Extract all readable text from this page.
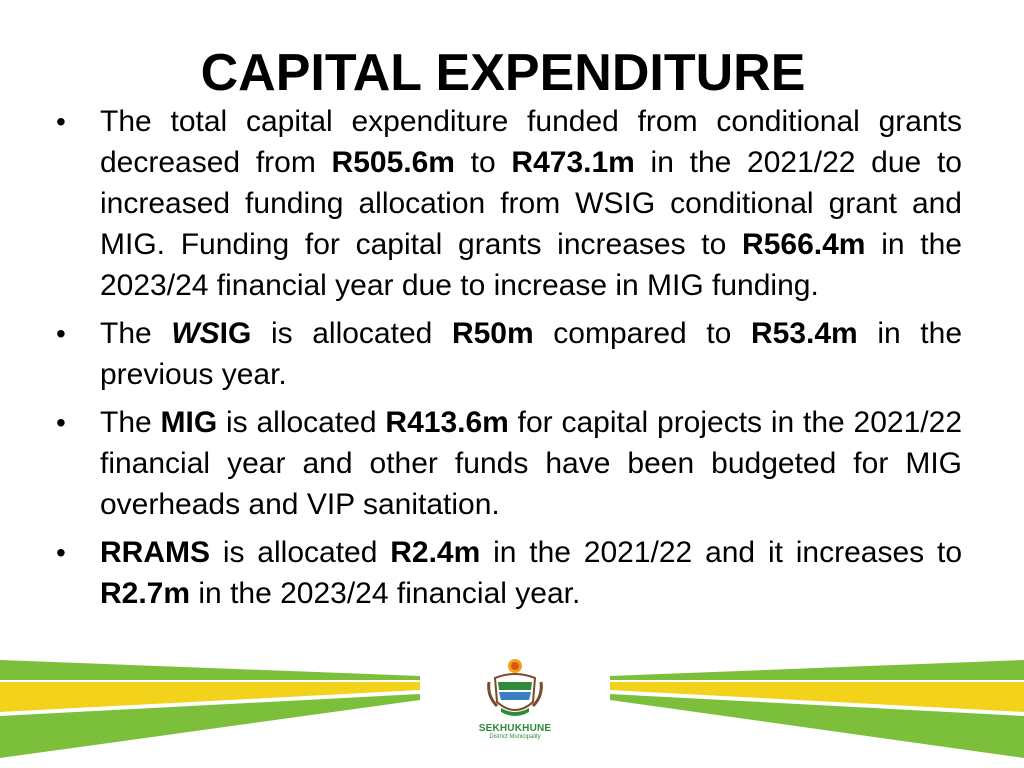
CAPITAL EXPENDITURE
• The total capital expenditure funded from conditional grants decreased from R505.6m to R473.1m in the 2021/22 due to increased funding allocation from WSIG conditional grant and MIG. Funding for capital grants increases to R566.4m in the 2023/24 financial year due to increase in MIG funding.
• The WSIG is allocated R50m compared to R53.4m in the previous year.
• The MIG is allocated R413.6m for capital projects in the 2021/22 financial year and other funds have been budgeted for MIG overheads and VIP sanitation.
• RRAMS is allocated R2.4m in the 2021/22 and it increases to R2.7m in the 2023/24 financial year.
SEKHUKHUNE
District Municipality
